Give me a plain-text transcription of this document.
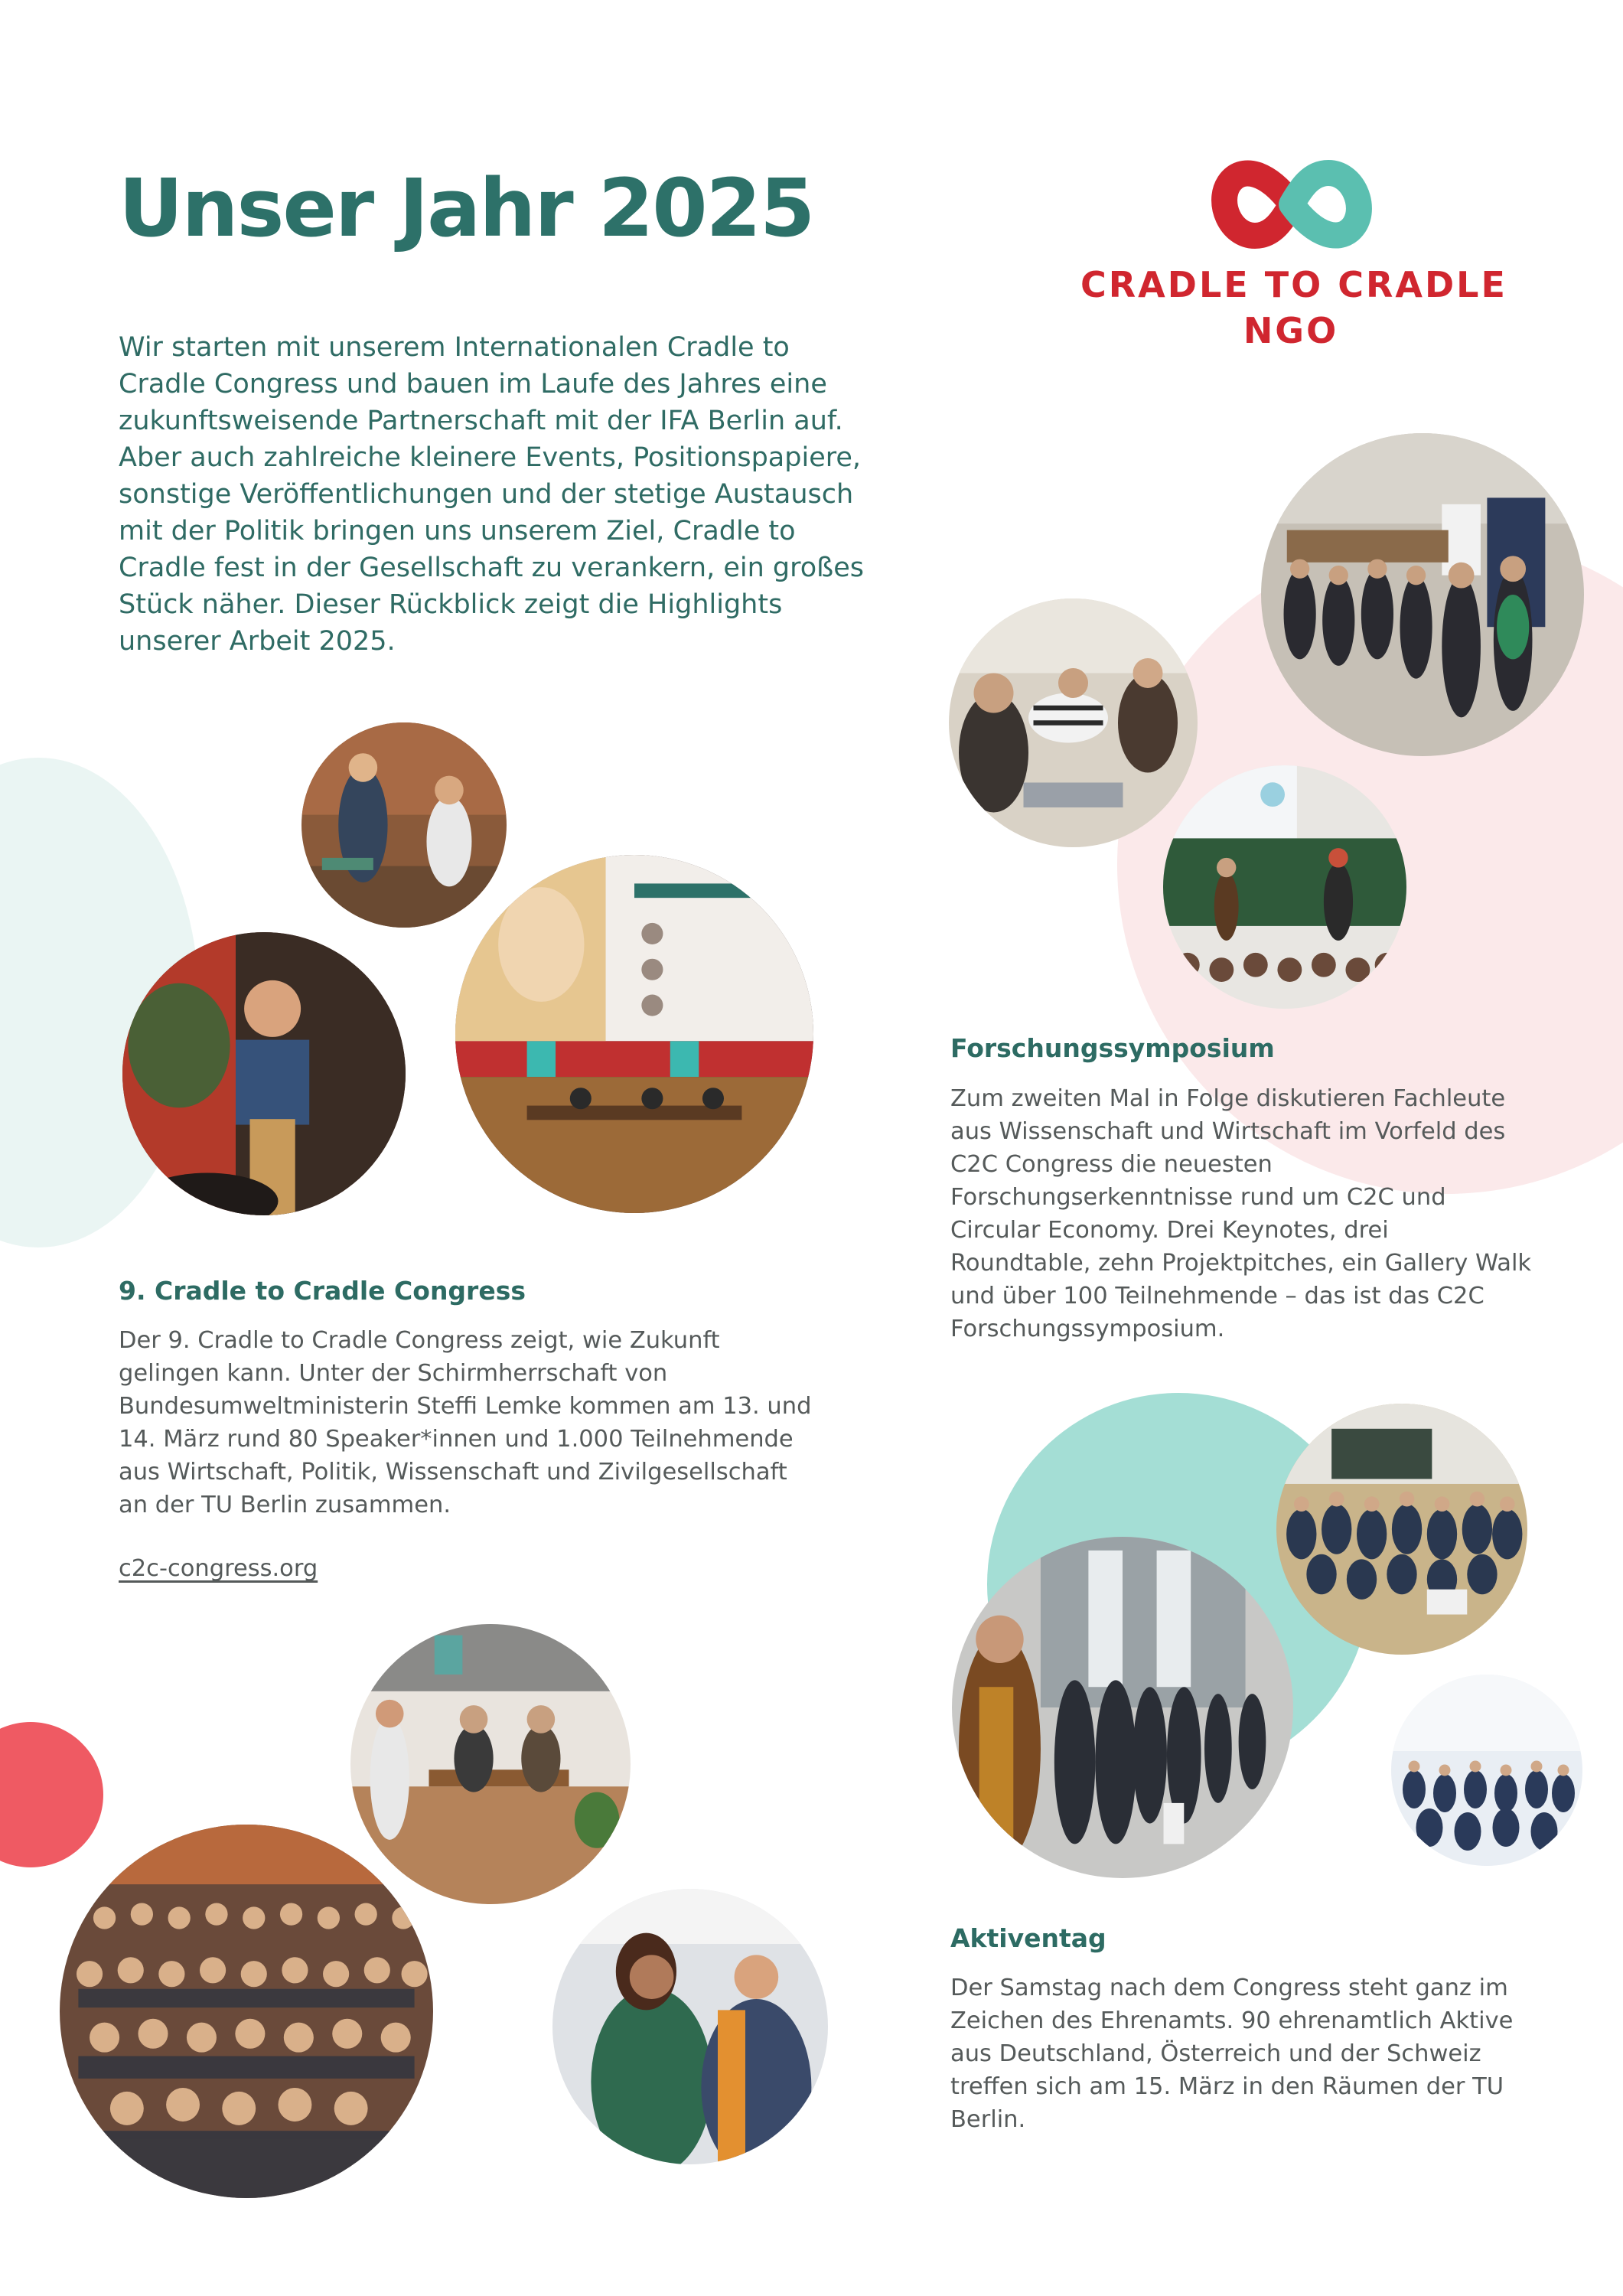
Unser Jahr 2025
CRADLE TO CRADLE
NGO

Wir starten mit unserem Internationalen Cradle to Cradle Congress und bauen im Laufe des Jahres eine zukunftsweisende Partnerschaft mit der IFA Berlin auf. Aber auch zahlreiche kleinere Events, Positionspapiere, sonstige Veröffentlichungen und der stetige Austausch mit der Politik bringen uns unserem Ziel, Cradle to Cradle fest in der Gesellschaft zu verankern, ein großes Stück näher. Dieser Rückblick zeigt die Highlights unserer Arbeit 2025.

9. Cradle to Cradle Congress

Der 9. Cradle to Cradle Congress zeigt, wie Zukunft gelingen kann. Unter der Schirmherrschaft von Bundesumweltministerin Steffi Lemke kommen am 13. und 14. März rund 80 Speaker*innen und 1.000 Teilnehmende aus Wirtschaft, Politik, Wissenschaft und Zivilgesellschaft an der TU Berlin zusammen.

c2c-congress.org
Forschungssymposium

Zum zweiten Mal in Folge diskutieren Fachleute aus Wissenschaft und Wirtschaft im Vorfeld des C2C Congress die neuesten Forschungserkenntnisse rund um C2C und Circular Economy. Drei Keynotes, drei Roundtable, zehn Projektpitches, ein Gallery Walk und über 100 Teilnehmende – das ist das C2C Forschungssymposium.

Aktiventag

Der Samstag nach dem Congress steht ganz im Zeichen des Ehrenamts. 90 ehrenamtlich Aktive aus Deutschland, Österreich und der Schweiz treffen sich am 15. März in den Räumen der TU Berlin.
